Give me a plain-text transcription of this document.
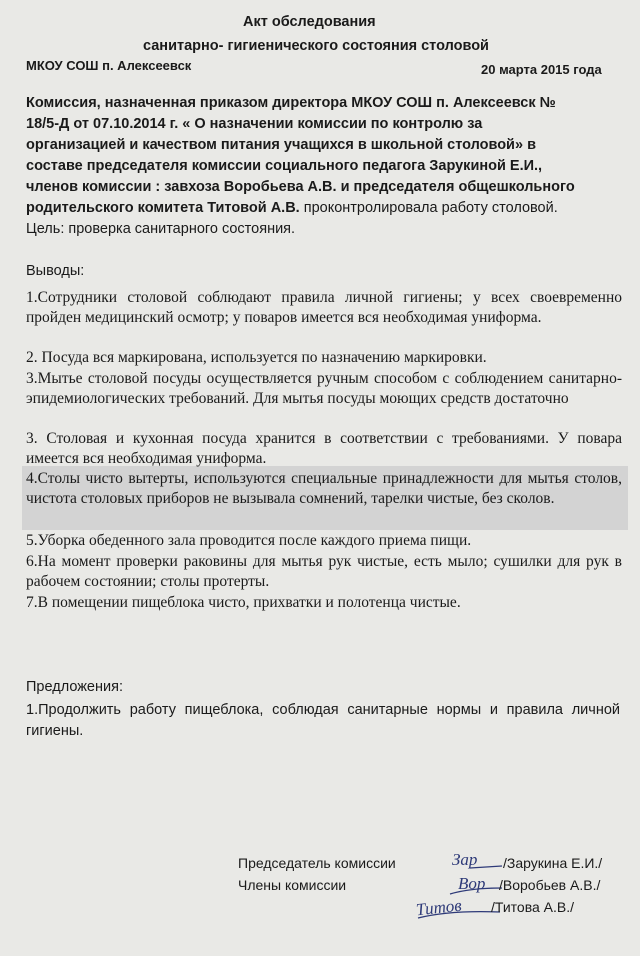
Акт обследования
санитарно- гигиенического состояния столовой
МКОУ СОШ п. Алексеевск	20 марта 2015 года
Комиссия, назначенная приказом директора МКОУ СОШ п. Алексеевск №
18/5-Д от 07.10.2014 г. « О назначении комиссии по контролю за
организацией и качеством питания учащихся в школьной столовой» в
составе председателя комиссии социального педагога Зарукиной Е.И.,
членов комиссии : завхоза Воробьева А.В. и председателя общешкольного
родительского комитета Титовой А.В. проконтролировала работу столовой.
Цель: проверка санитарного состояния.
Выводы:
1.Сотрудники столовой соблюдают правила личной гигиены; у всех своевременно пройден медицинский осмотр; у поваров имеется вся необходимая униформа.
2. Посуда вся маркирована, используется по назначению маркировки.
3.Мытье столовой посуды осуществляется ручным способом с соблюдением санитарно-эпидемиологических требований. Для мытья посуды моющих средств достаточно
3. Столовая и кухонная посуда хранится в соответствии с требованиями. У повара имеется вся необходимая униформа.
4.Столы чисто вытерты, используются специальные принадлежности для мытья столов, чистота столовых приборов не вызывала сомнений, тарелки чистые, без сколов.
5.Уборка обеденного зала проводится после каждого приема пищи.
6.На момент проверки раковины для мытья рук чистые, есть мыло; сушилки для рук в рабочем состоянии; столы протерты.
7.В помещении пищеблока чисто, прихватки и полотенца чистые.
Предложения:
1.Продолжить работу пищеблока, соблюдая санитарные нормы и правила личной гигиены.
Председатель комиссии
Члены комиссии
Зар
Вор
Титов
/Зарукина Е.И./
/Воробьев А.В./
/Титова А.В./
